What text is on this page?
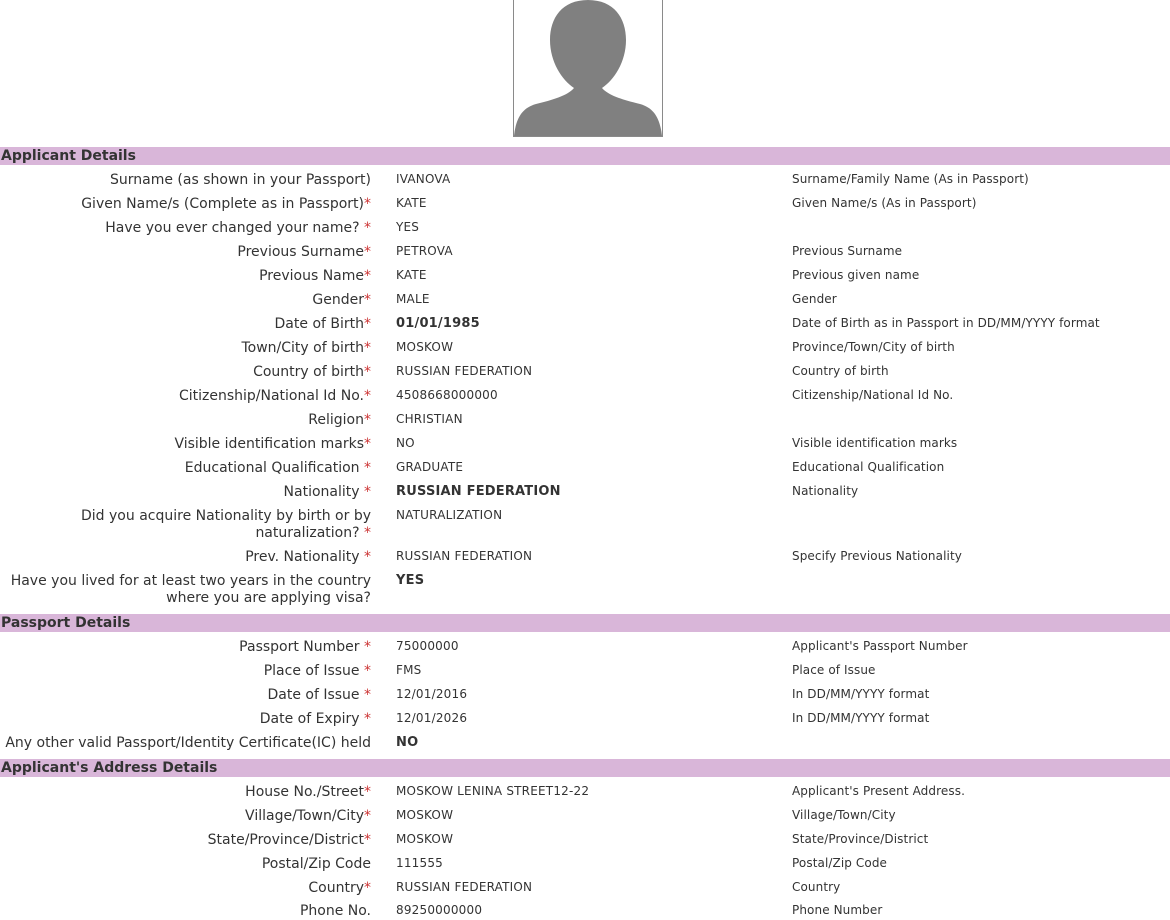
Applicant Details
Surname (as shown in your Passport) IVANOVA	Surname/Family Name (As in Passport)
Given Name/s (Complete as in Passport)* KATE	Given Name/s (As in Passport)
Have you ever changed your name? * YES
Previous Surname* PETROVA	Previous Surname
Previous Name* KATE	Previous given name
Gender* MALE	Gender
Date of Birth* 01/01/1985	Date of Birth as in Passport in DD/MM/YYYY format
Town/City of birth* MOSKOW	Province/Town/City of birth
Country of birth* RUSSIAN FEDERATION	Country of birth
Citizenship/National Id No.* 4508668000000	Citizenship/National Id No.
Religion* CHRISTIAN
Visible identification marks* NO	Visible identification marks
Educational Qualification * GRADUATE	Educational Qualification
Nationality * RUSSIAN FEDERATION	Nationality
Did you acquire Nationality by birth or by
naturalization? *
NATURALIZATION
Prev. Nationality * RUSSIAN FEDERATION	Specify Previous Nationality
Have you lived for at least two years in the country
where you are applying visa?
YES
Passport Details
Passport Number * 75000000	Applicant's Passport Number
Place of Issue * FMS	Place of Issue
Date of Issue * 12/01/2016	In DD/MM/YYYY format
Date of Expiry * 12/01/2026	In DD/MM/YYYY format
Any other valid Passport/Identity Certificate(IC) held NO
Applicant's Address Details
House No./Street* MOSKOW LENINA STREET12-22	Applicant's Present Address.
Village/Town/City* MOSKOW	Village/Town/City
State/Province/District* MOSKOW	State/Province/District
Postal/Zip Code 111555	Postal/Zip Code
Country* RUSSIAN FEDERATION	Country
Phone No. 89250000000	Phone Number
